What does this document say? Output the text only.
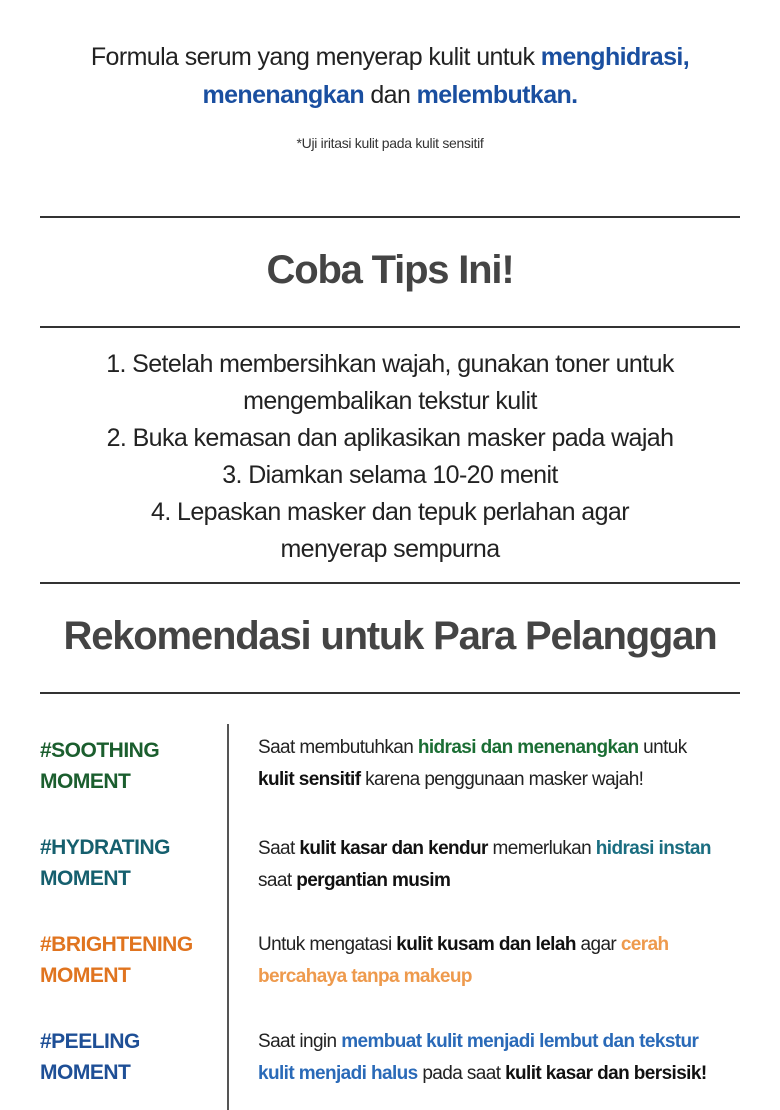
Formula serum yang menyerap kulit untuk menghidrasi,
menenangkan dan melembutkan.
*Uji iritasi kulit pada kulit sensitif
Coba Tips Ini!
1. Setelah membersihkan wajah, gunakan toner untuk
mengembalikan tekstur kulit
2. Buka kemasan dan aplikasikan masker pada wajah
3. Diamkan selama 10-20 menit
4. Lepaskan masker dan tepuk perlahan agar
menyerap sempurna
Rekomendasi untuk Para Pelanggan
#SOOTHING
MOMENT
Saat membutuhkan hidrasi dan menenangkan untuk
kulit sensitif karena penggunaan masker wajah!
#HYDRATING
MOMENT
Saat kulit kasar dan kendur memerlukan hidrasi instan
saat pergantian musim
#BRIGHTENING
MOMENT
Untuk mengatasi kulit kusam dan lelah agar cerah
bercahaya tanpa makeup
#PEELING
MOMENT
Saat ingin membuat kulit menjadi lembut dan tekstur
kulit menjadi halus pada saat kulit kasar dan bersisik!
